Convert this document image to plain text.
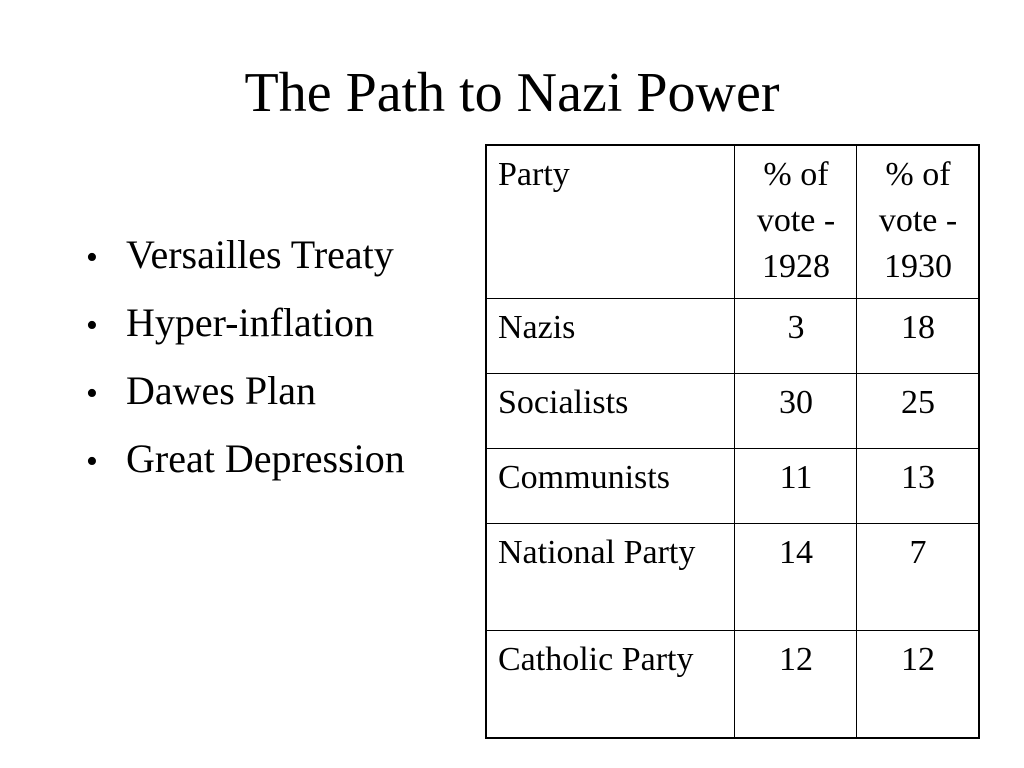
The Path to Nazi Power
• Versailles Treaty
• Hyper-inflation
• Dawes Plan
• Great Depression
Party	% of vote - 1928	% of vote - 1930
Nazis	3	18
Socialists	30	25
Communists	11	13
National Party	14	7
Catholic Party	12	12
